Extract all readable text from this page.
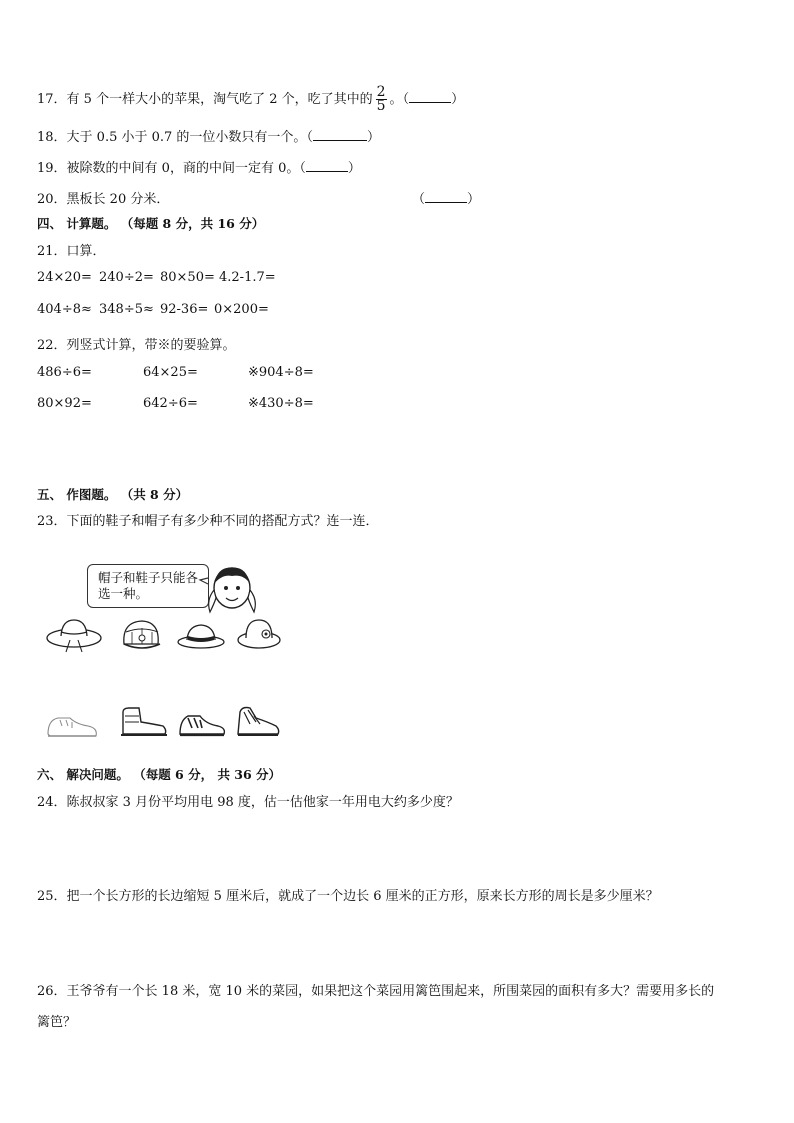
17．有 5 个一样大小的苹果，淘气吃了 2 个，吃了其中的 $\frac{2}{5}$ 。（	）
18．大于 0.5 小于 0.7 的一位小数只有一个。（	）
19．被除数的中间有 0，商的中间一定有 0。（	）
20．黑板长 20 分米．	（	）
四、 计算题。 （每题 8 分，共 16 分）
21．口算．
24×20= 240÷2= 80×50= 4.2-1.7=
404÷8≈ 348÷5≈ 92-36= 0×200=
22．列竖式计算，带※的要验算。
486÷6=	64×25=	※904÷8=
80×92=	642÷6=	※430÷8=
五、 作图题。 （共 8 分）
23．下面的鞋子和帽子有多少种不同的搭配方式？连一连．
帽子和鞋子只能各选一种。
六、 解决问题。 （每题 6 分， 共 36 分）
24．陈叔叔家 3 月份平均用电 98 度，估一估他家一年用电大约多少度？
25．把一个长方形的长边缩短 5 厘米后，就成了一个边长 6 厘米的正方形，原来长方形的周长是多少厘米？
26．王爷爷有一个长 18 米，宽 10 米的菜园，如果把这个菜园用篱笆围起来，所围菜园的面积有多大？需要用多长的
篱笆？
